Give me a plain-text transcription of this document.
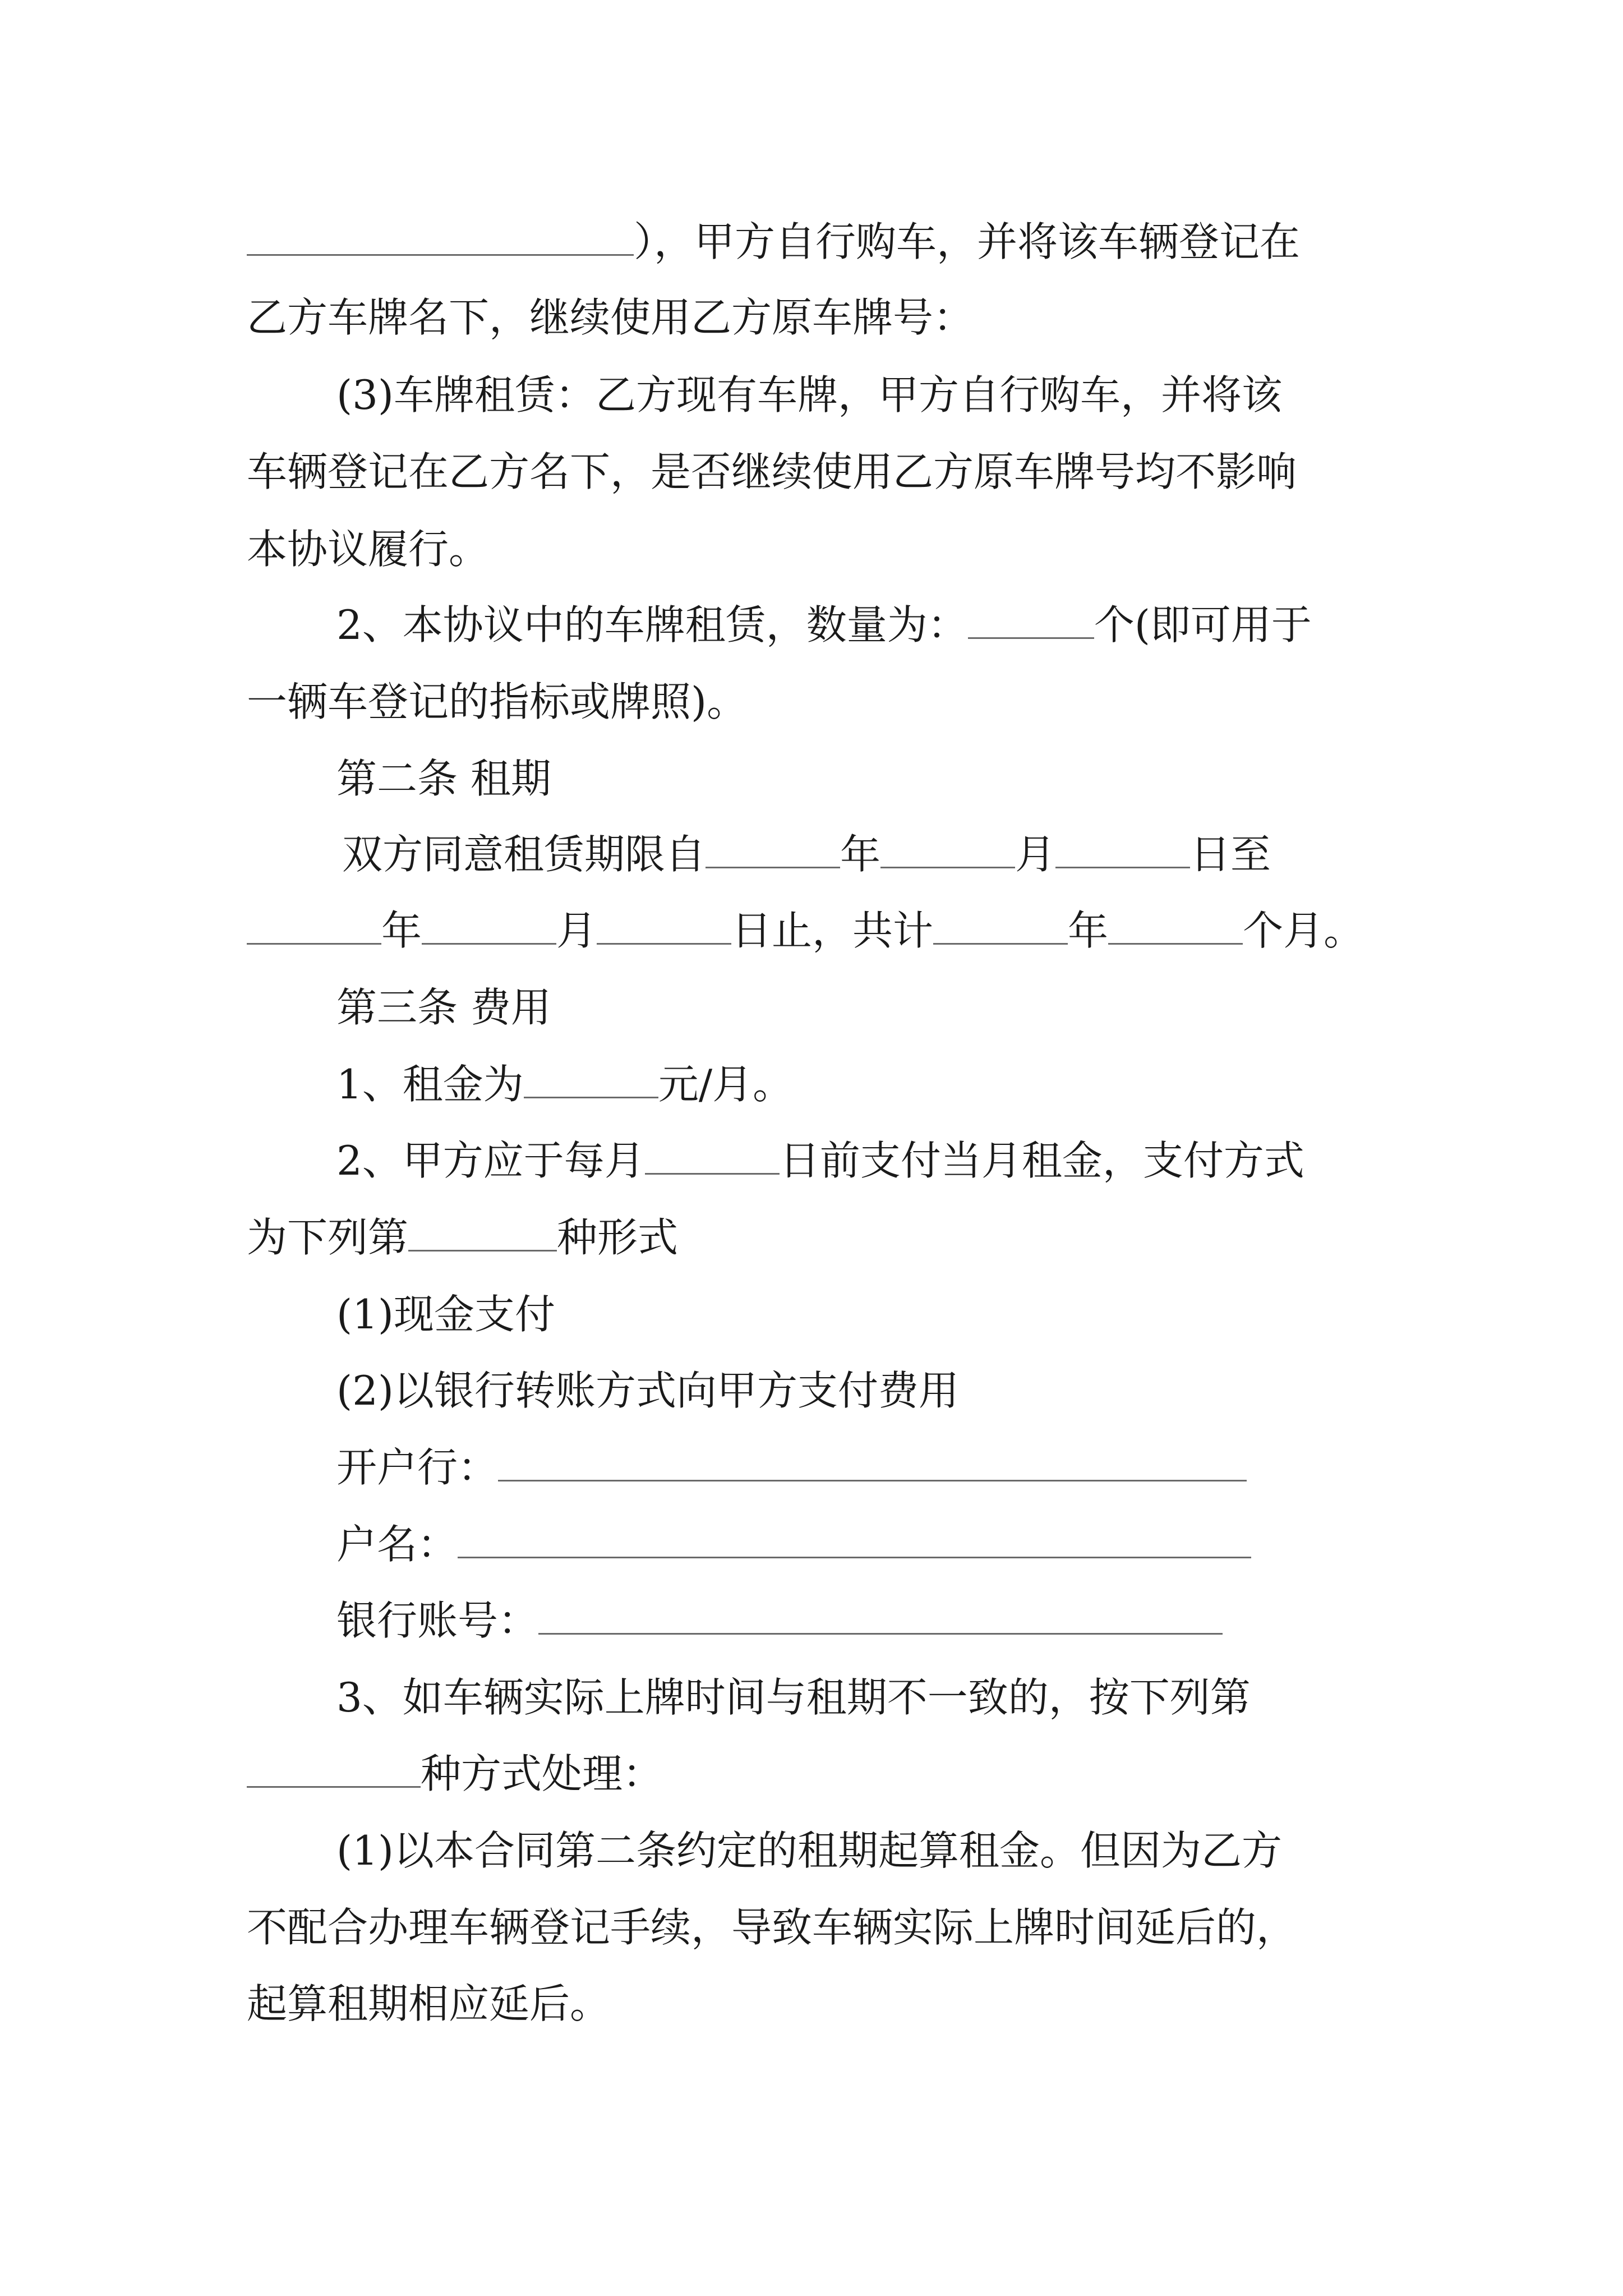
），甲方自行购车，并将该车辆登记在
乙方车牌名下，继续使用乙方原车牌号：
(3)车牌租赁：乙方现有车牌，甲方自行购车，并将该
车辆登记在乙方名下，是否继续使用乙方原车牌号均不影响
本协议履行。
2、本协议中的车牌租赁，数量为：	个(即可用于
一辆车登记的指标或牌照)。
第二条 租期
双方同意租赁期限自	年	月	日至
年	月	日止，共计	年	个月。
第三条 费用
1、租金为	元/月。
2、甲方应于每月	日前支付当月租金，支付方式
为下列第	种形式
(1)现金支付
(2)以银行转账方式向甲方支付费用
开户行：
户名：
银行账号：
3、如车辆实际上牌时间与租期不一致的，按下列第
种方式处理：
(1)以本合同第二条约定的租期起算租金。但因为乙方
不配合办理车辆登记手续，导致车辆实际上牌时间延后的，
起算租期相应延后。
